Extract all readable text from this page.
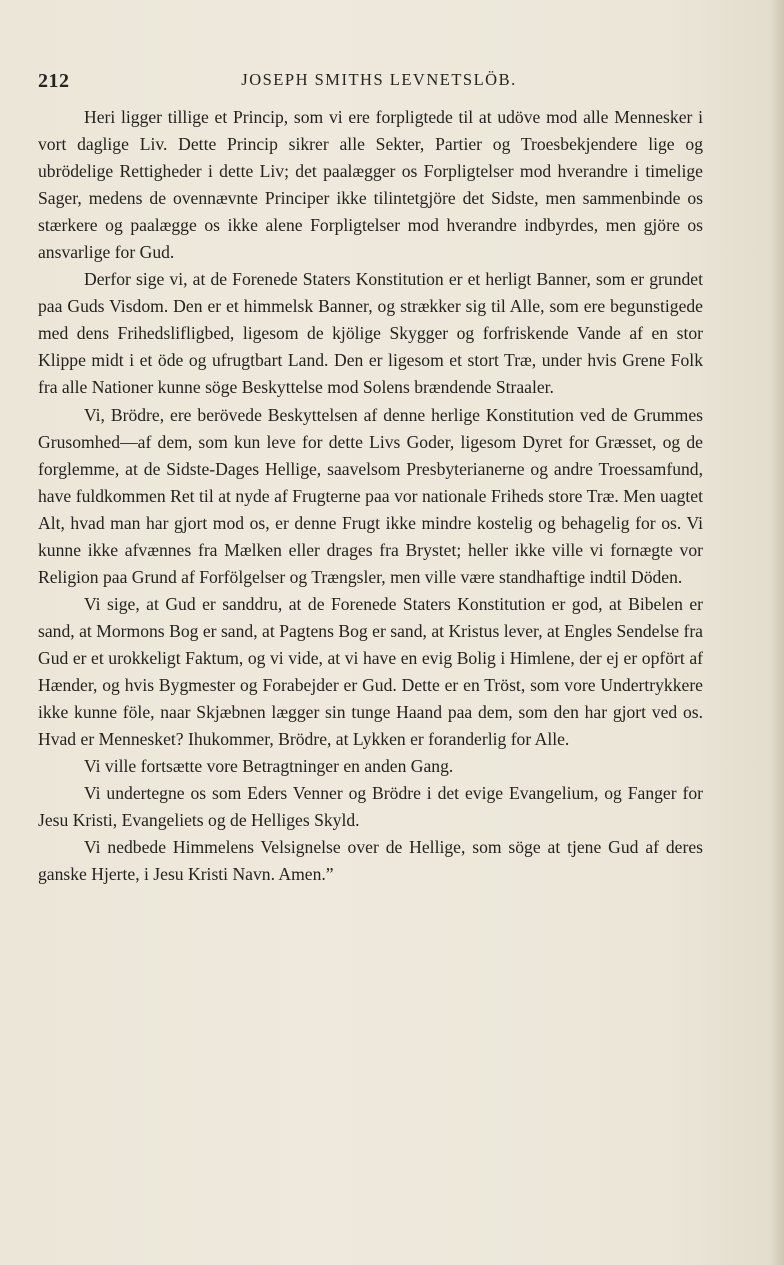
212	JOSEPH SMITHS LEVNETSLÖB.

Heri ligger tillige et Princip, som vi ere forpligtede til at udöve mod alle Mennesker i vort daglige Liv. Dette Princip sikrer alle Sekter, Partier og Troesbekjendere lige og ubrödelige Rettigheder i dette Liv; det paalægger os Forpligtelser mod hverandre i timelige Sager, medens de ovennævnte Principer ikke tilintetgjöre det Sidste, men sammenbinde os stærkere og paalægge os ikke alene Forpligtelser mod hverandre indbyrdes, men gjöre os ansvarlige for Gud.

Derfor sige vi, at de Forenede Staters Konstitution er et herligt Banner, som er grundet paa Guds Visdom. Den er et himmelsk Banner, og strækker sig til Alle, som ere begunstigede med dens Frihedslifligbed, ligesom de kjölige Skygger og forfriskende Vande af en stor Klippe midt i et öde og ufrugtbart Land. Den er ligesom et stort Træ, under hvis Grene Folk fra alle Nationer kunne söge Beskyttelse mod Solens brændende Straaler.

Vi, Brödre, ere berövede Beskyttelsen af denne herlige Konstitution ved de Grummes Grusomhed—af dem, som kun leve for dette Livs Goder, ligesom Dyret for Græsset, og de forglemme, at de Sidste-Dages Hellige, saavelsom Presbyterianerne og andre Troessamfund, have fuldkommen Ret til at nyde af Frugterne paa vor nationale Friheds store Træ. Men uagtet Alt, hvad man har gjort mod os, er denne Frugt ikke mindre kostelig og behagelig for os. Vi kunne ikke afvænnes fra Mælken eller drages fra Brystet; heller ikke ville vi fornægte vor Religion paa Grund af Forfölgelser og Trængsler, men ville være standhaftige indtil Döden.

Vi sige, at Gud er sanddru, at de Forenede Staters Konstitution er god, at Bibelen er sand, at Mormons Bog er sand, at Pagtens Bog er sand, at Kristus lever, at Engles Sendelse fra Gud er et urokkeligt Faktum, og vi vide, at vi have en evig Bolig i Himlene, der ej er opfört af Hænder, og hvis Bygmester og Forabejder er Gud. Dette er en Tröst, som vore Undertrykkere ikke kunne föle, naar Skjæbnen lægger sin tunge Haand paa dem, som den har gjort ved os. Hvad er Mennesket? Ihukommer, Brödre, at Lykken er foranderlig for Alle.

Vi ville fortsætte vore Betragtninger en anden Gang.

Vi undertegne os som Eders Venner og Brödre i det evige Evangelium, og Fanger for Jesu Kristi, Evangeliets og de Helliges Skyld.

Vi nedbede Himmelens Velsignelse over de Hellige, som söge at tjene Gud af deres ganske Hjerte, i Jesu Kristi Navn. Amen.”
